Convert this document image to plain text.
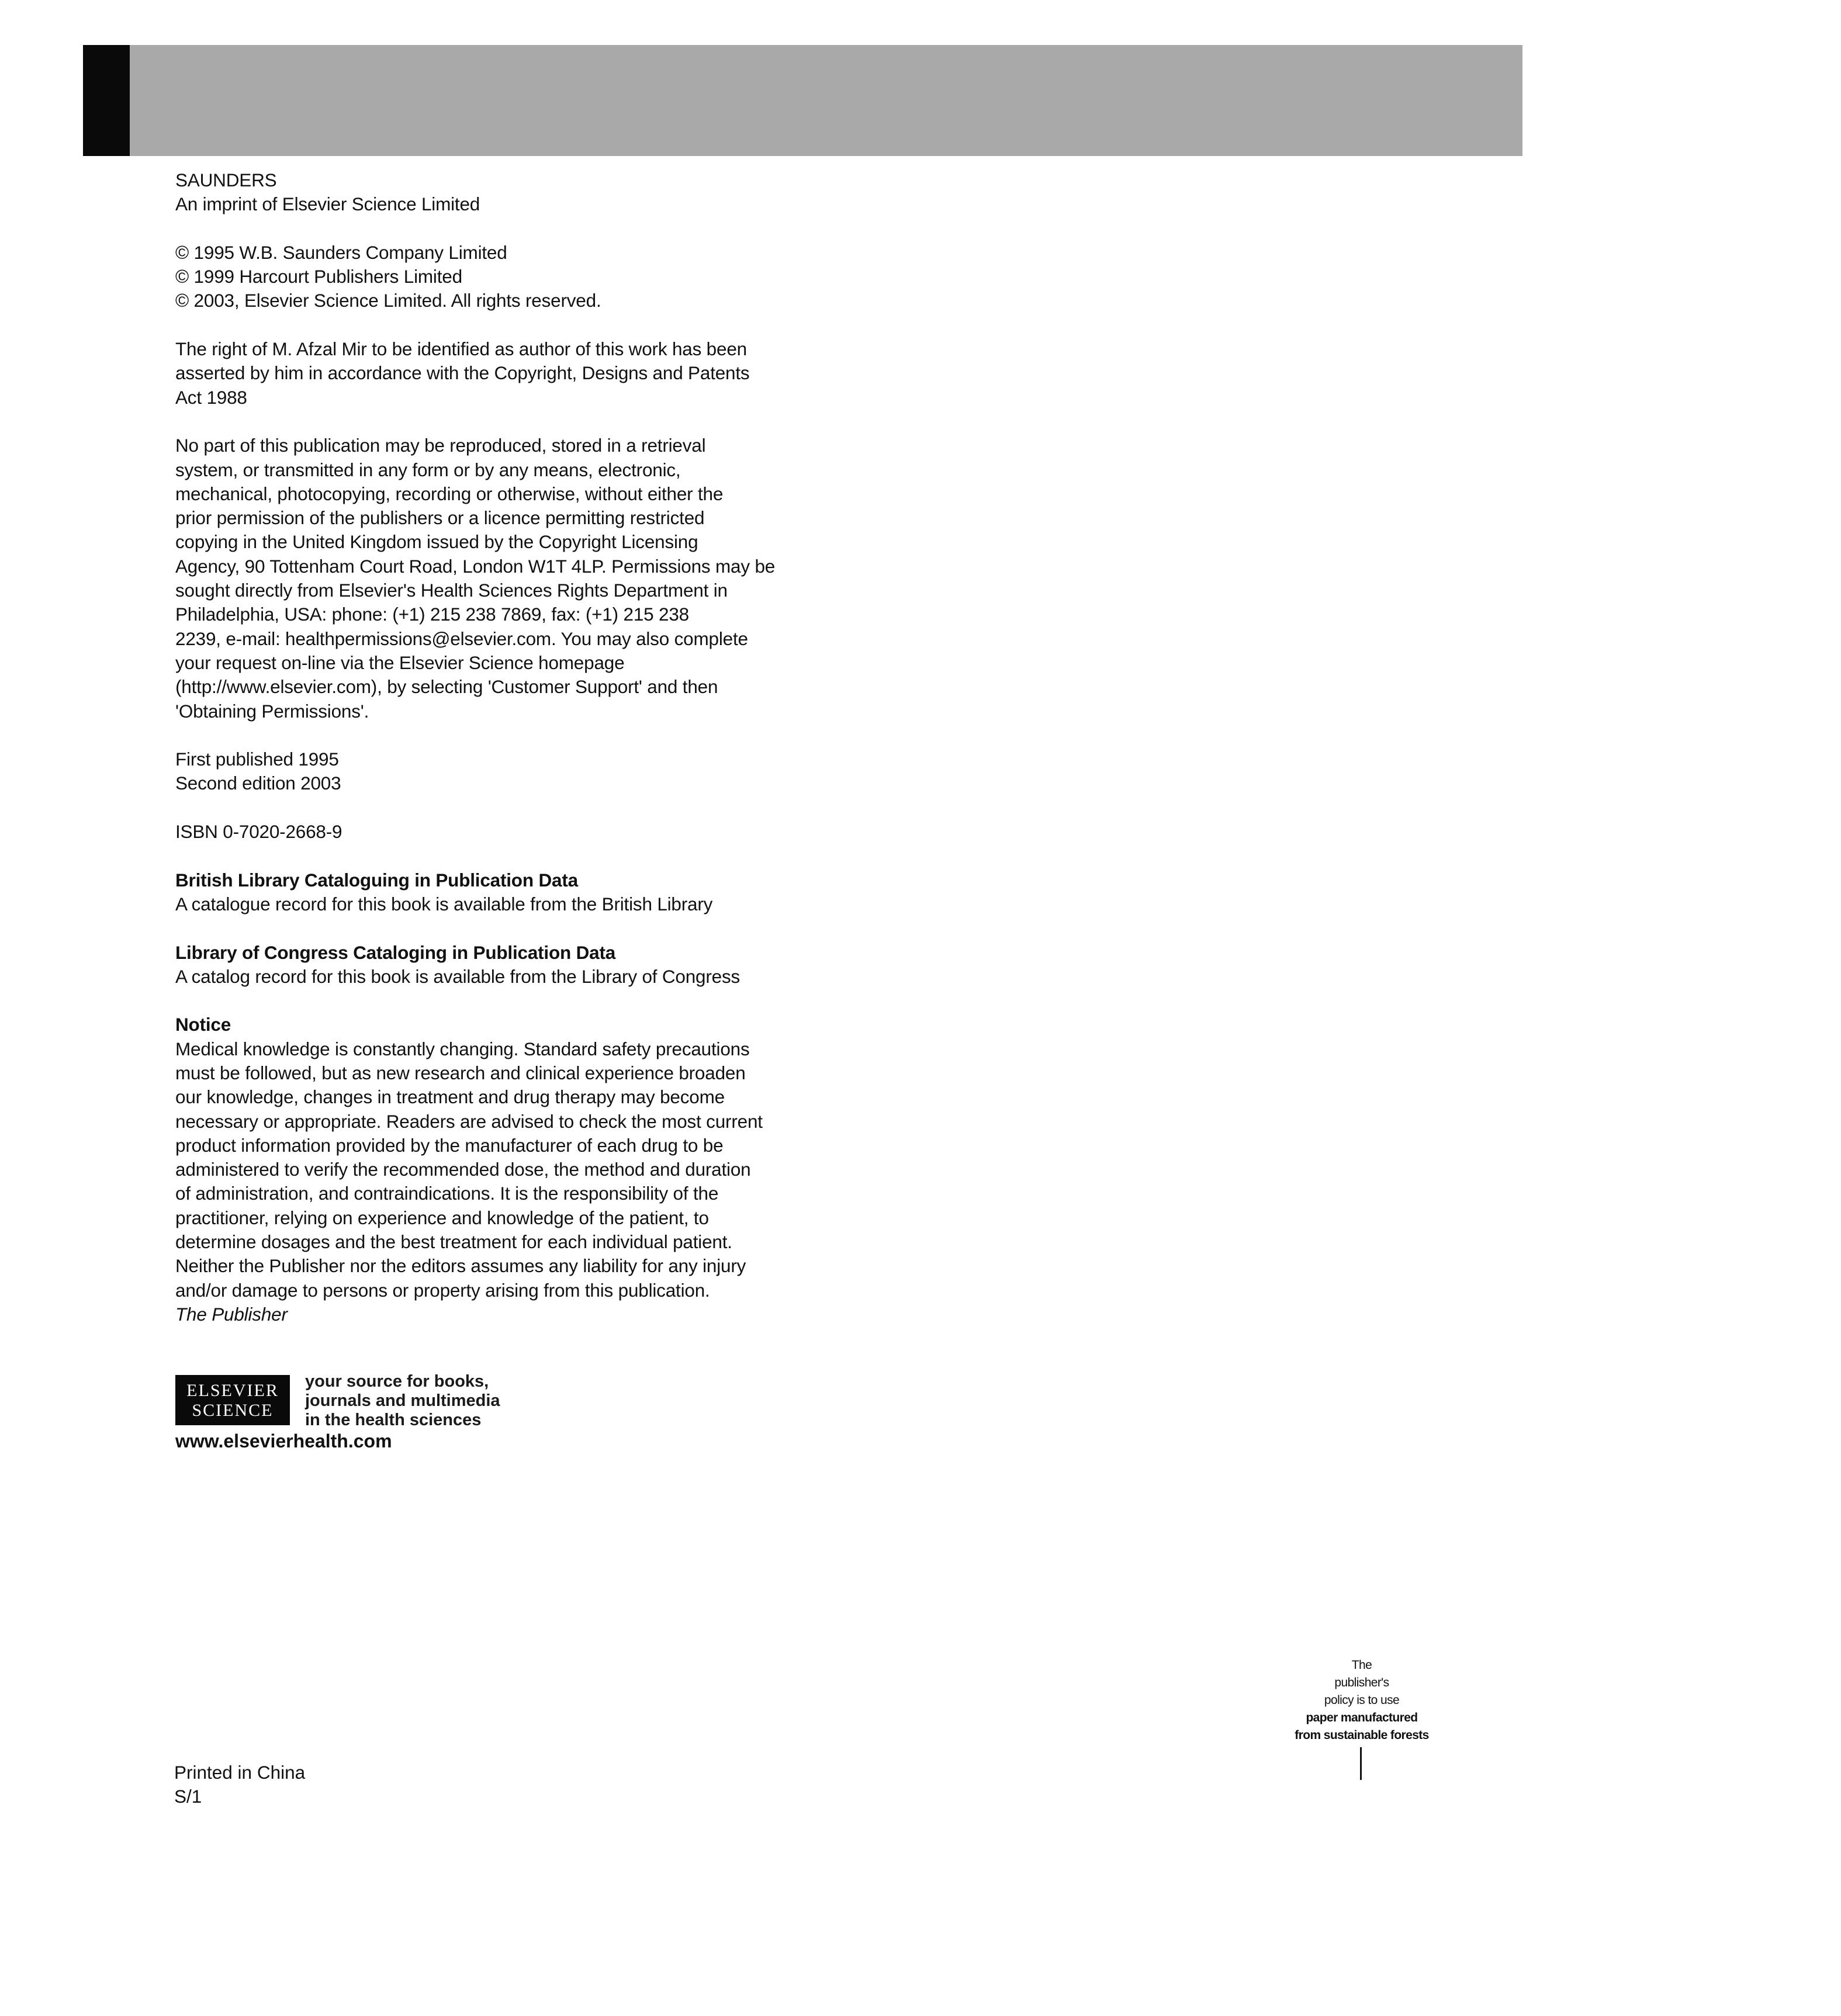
SAUNDERS
An imprint of Elsevier Science Limited
© 1995 W.B. Saunders Company Limited
© 1999 Harcourt Publishers Limited
© 2003, Elsevier Science Limited. All rights reserved.
The right of M. Afzal Mir to be identified as author of this work has been
asserted by him in accordance with the Copyright, Designs and Patents
Act 1988
No part of this publication may be reproduced, stored in a retrieval
system, or transmitted in any form or by any means, electronic,
mechanical, photocopying, recording or otherwise, without either the
prior permission of the publishers or a licence permitting restricted
copying in the United Kingdom issued by the Copyright Licensing
Agency, 90 Tottenham Court Road, London W1T 4LP. Permissions may be
sought directly from Elsevier's Health Sciences Rights Department in
Philadelphia, USA: phone: (+1) 215 238 7869, fax: (+1) 215 238
2239, e-mail: healthpermissions@elsevier.com. You may also complete
your request on-line via the Elsevier Science homepage
(http://www.elsevier.com), by selecting 'Customer Support' and then
'Obtaining Permissions'.
First published 1995
Second edition 2003
ISBN 0-7020-2668-9
British Library Cataloguing in Publication Data
A catalogue record for this book is available from the British Library
Library of Congress Cataloging in Publication Data
A catalog record for this book is available from the Library of Congress
Notice
Medical knowledge is constantly changing. Standard safety precautions
must be followed, but as new research and clinical experience broaden
our knowledge, changes in treatment and drug therapy may become
necessary or appropriate. Readers are advised to check the most current
product information provided by the manufacturer of each drug to be
administered to verify the recommended dose, the method and duration
of administration, and contraindications. It is the responsibility of the
practitioner, relying on experience and knowledge of the patient, to
determine dosages and the best treatment for each individual patient.
Neither the Publisher nor the editors assumes any liability for any injury
and/or damage to persons or property arising from this publication.
The Publisher
ELSEVIER
SCIENCE
your source for books,
journals and multimedia
in the health sciences
www.elsevierhealth.com
The
publisher's
policy is to use
paper manufactured
from sustainable forests
Printed in China
S/1
